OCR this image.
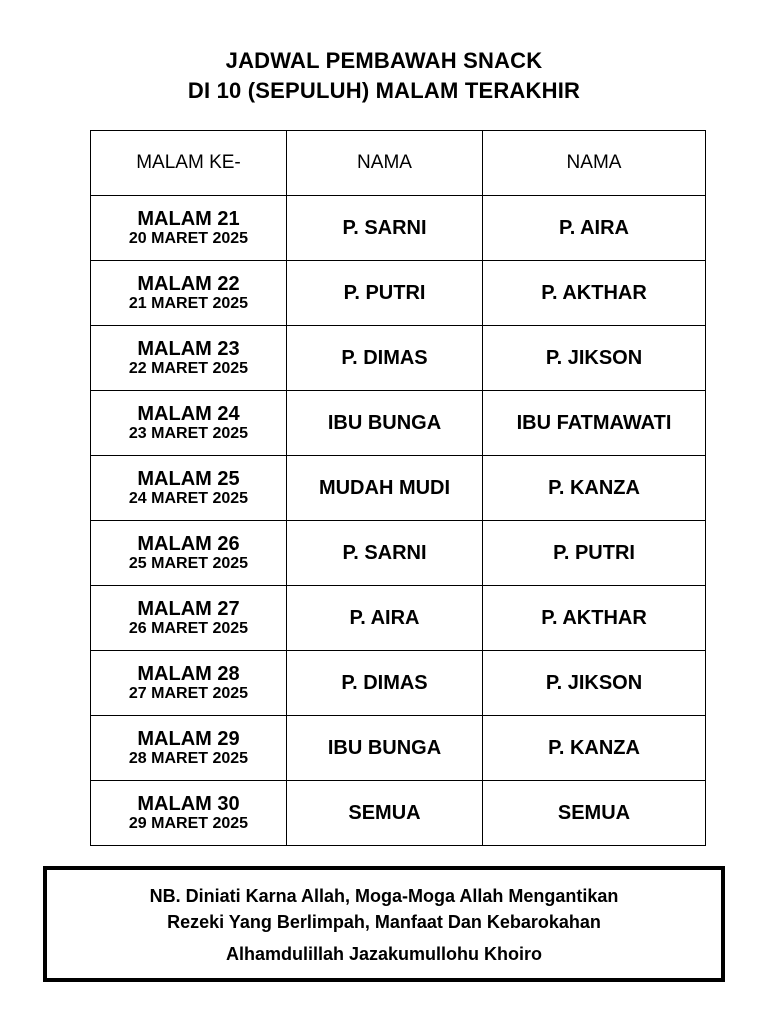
JADWAL PEMBAWAH SNACK
DI 10 (SEPULUH) MALAM TERAKHIR
MALAM KE-	NAMA	NAMA

MALAM 21
20 MARET 2025	P. SARNI	P. AIRA

MALAM 22
21 MARET 2025	P. PUTRI	P. AKTHAR

MALAM 23
22 MARET 2025	P. DIMAS	P. JIKSON

MALAM 24
23 MARET 2025	IBU BUNGA	IBU FATMAWATI

MALAM 25
24 MARET 2025	MUDAH MUDI	P. KANZA

MALAM 26
25 MARET 2025	P. SARNI	P. PUTRI

MALAM 27
26 MARET 2025	P. AIRA	P. AKTHAR

MALAM 28
27 MARET 2025	P. DIMAS	P. JIKSON

MALAM 29
28 MARET 2025	IBU BUNGA	P. KANZA

MALAM 30
29 MARET 2025	SEMUA	SEMUA
NB. Diniati Karna Allah, Moga-Moga Allah Mengantikan
Rezeki Yang Berlimpah, Manfaat Dan Kebarokahan
Alhamdulillah Jazakumullohu Khoiro
